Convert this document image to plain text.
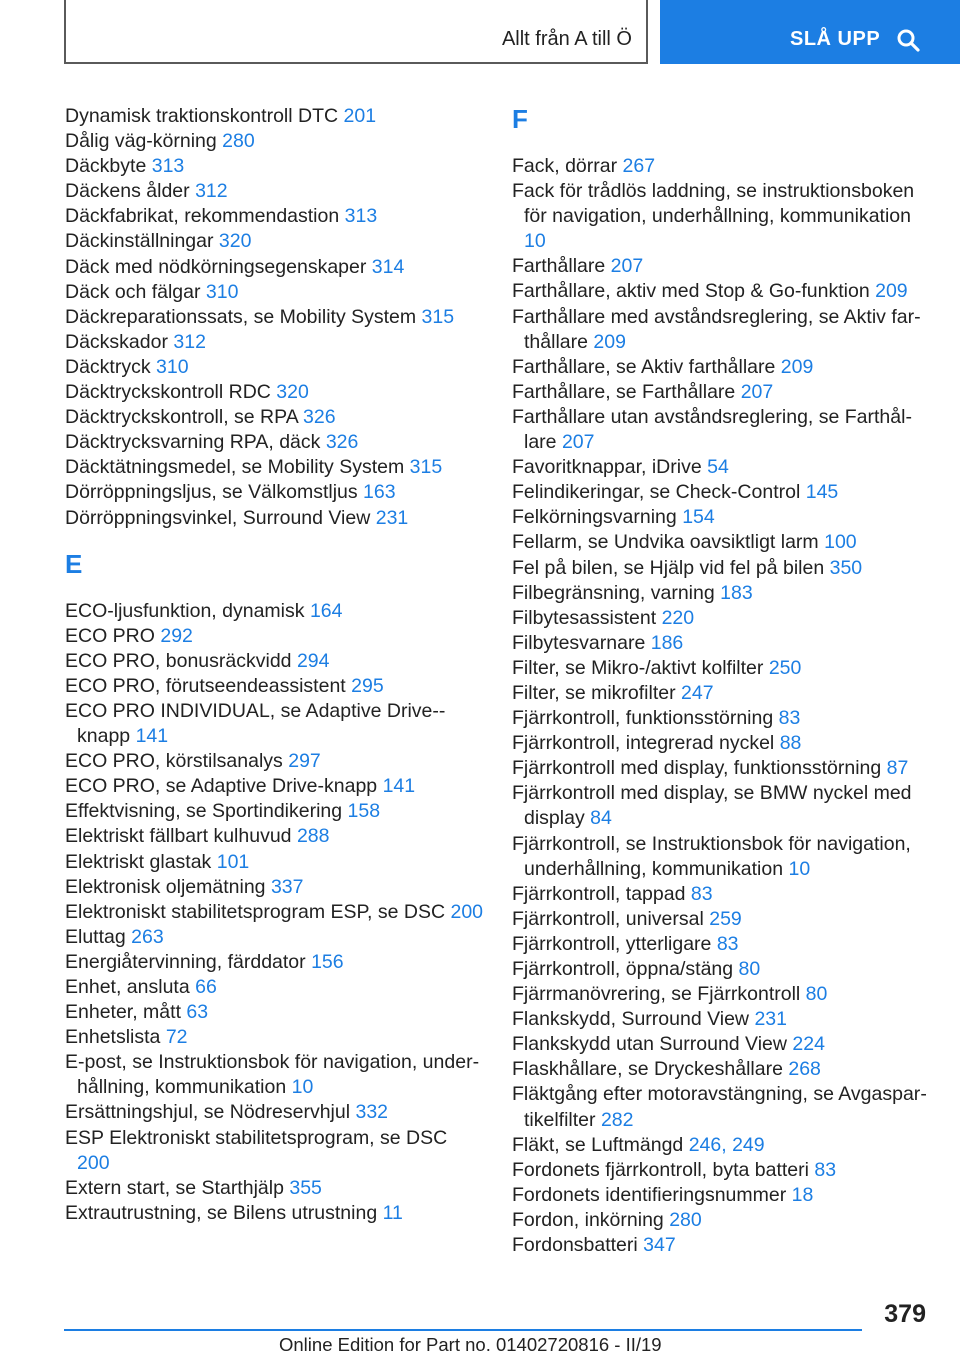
Allt från A till Ö	SLÅ UPP
Dynamisk traktionskontroll DTC 201
Dålig väg-körning 280
Däckbyte 313
Däckens ålder 312
Däckfabrikat, rekommendastion 313
Däckinställningar 320
Däck med nödkörningsegenskaper 314
Däck och fälgar 310
Däckreparationssats, se Mobility System 315
Däckskador 312
Däcktryck 310
Däcktryckskontroll RDC 320
Däcktryckskontroll, se RPA 326
Däcktrycksvarning RPA, däck 326
Däcktätningsmedel, se Mobility System 315
Dörröppningsljus, se Välkomstljus 163
Dörröppningsvinkel, Surround View 231
E
ECO-ljusfunktion, dynamisk 164
ECO PRO 292
ECO PRO, bonusräckvidd 294
ECO PRO, förutseendeassistent 295
ECO PRO INDIVIDUAL, se Adaptive Drive-knapp 141
ECO PRO, körstilsanalys 297
ECO PRO, se Adaptive Drive-knapp 141
Effektvisning, se Sportindikering 158
Elektriskt fällbart kulhuvud 288
Elektriskt glastak 101
Elektronisk oljemätning 337
Elektroniskt stabilitetsprogram ESP, se DSC 200
Eluttag 263
Energiåtervinning, färddator 156
Enhet, ansluta 66
Enheter, mått 63
Enhetslista 72
E-post, se Instruktionsbok för navigation, underhållning, kommunikation 10
Ersättningshjul, se Nödreservhjul 332
ESP Elektroniskt stabilitetsprogram, se DSC 200
Extern start, se Starthjälp 355
Extrautrustning, se Bilens utrustning 11
F
Fack, dörrar 267
Fack för trådlös laddning, se instruktionsboken för navigation, underhållning, kommunikation 10
Farthållare 207
Farthållare, aktiv med Stop & Go-funktion 209
Farthållare med avståndsreglering, se Aktiv farthållare 209
Farthållare, se Aktiv farthållare 209
Farthållare, se Farthållare 207
Farthållare utan avståndsreglering, se Farthållare 207
Favoritknappar, iDrive 54
Felindikeringar, se Check-Control 145
Felkörningsvarning 154
Fellarm, se Undvika oavsiktligt larm 100
Fel på bilen, se Hjälp vid fel på bilen 350
Filbegränsning, varning 183
Filbytesassistent 220
Filbytesvarnare 186
Filter, se Mikro-/aktivt kolfilter 250
Filter, se mikrofilter 247
Fjärrkontroll, funktionsstörning 83
Fjärrkontroll, integrerad nyckel 88
Fjärrkontroll med display, funktionsstörning 87
Fjärrkontroll med display, se BMW nyckel med display 84
Fjärrkontroll, se Instruktionsbok för navigation, underhållning, kommunikation 10
Fjärrkontroll, tappad 83
Fjärrkontroll, universal 259
Fjärrkontroll, ytterligare 83
Fjärrkontroll, öppna/stäng 80
Fjärrmanövrering, se Fjärrkontroll 80
Flankskydd, Surround View 231
Flankskydd utan Surround View 224
Flaskhållare, se Dryckeshållare 268
Fläktgång efter motoravstängning, se Avgaspartikelfilter 282
Fläkt, se Luftmängd 246, 249
Fordonets fjärrkontroll, byta batteri 83
Fordonets identifieringsnummer 18
Fordon, inkörning 280
Fordonsbatteri 347
379
Online Edition for Part no. 01402720816 - II/19
